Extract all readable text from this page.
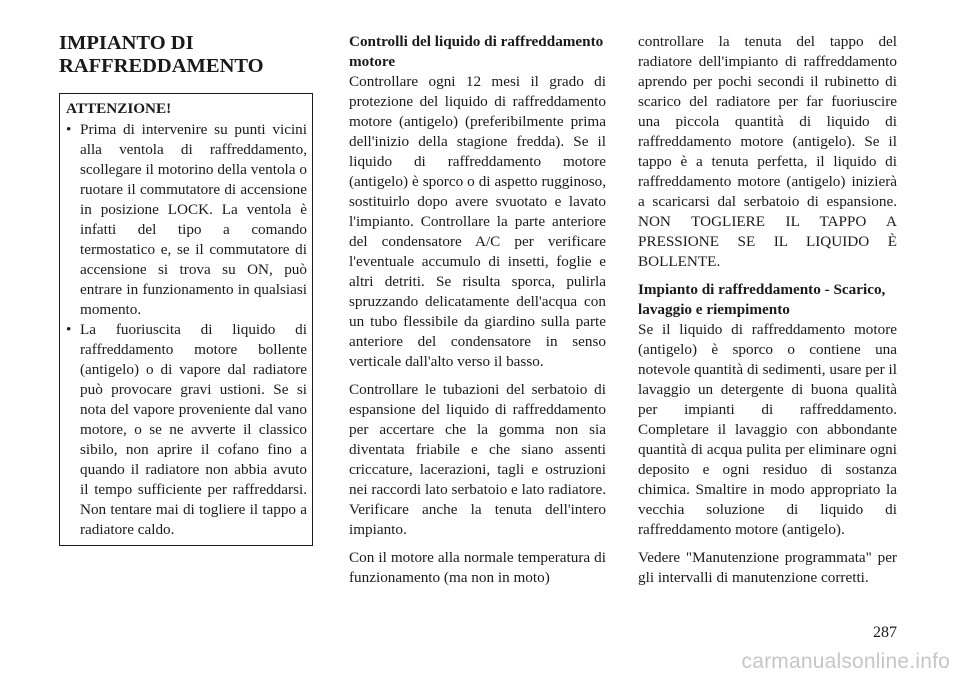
IMPIANTO DI RAFFREDDAMENTO
ATTENZIONE!
• Prima di intervenire su punti vicini alla ventola di raffreddamento, scollegare il motorino della ventola o ruotare il commutatore di accensione in posizione LOCK. La ventola è infatti del tipo a comando termostatico e, se il commutatore di accensione si trova su ON, può entrare in funzionamento in qualsiasi momento.
• La fuoriuscita di liquido di raffreddamento motore bollente (antigelo) o di vapore dal radiatore può provocare gravi ustioni. Se si nota del vapore proveniente dal vano motore, o se ne avverte il classico sibilo, non aprire il cofano fino a quando il radiatore non abbia avuto il tempo sufficiente per raffreddarsi. Non tentare mai di togliere il tappo a radiatore caldo.
Controlli del liquido di raffreddamento motore

Controllare ogni 12 mesi il grado di protezione del liquido di raffreddamento motore (antigelo) (preferibilmente prima dell'inizio della stagione fredda). Se il liquido di raffreddamento motore (antigelo) è sporco o di aspetto rugginoso, sostituirlo dopo avere svuotato e lavato l'impianto. Controllare la parte anteriore del condensatore A/C per verificare l'eventuale accumulo di insetti, foglie e altri detriti. Se risulta sporca, pulirla spruzzando delicatamente dell'acqua con un tubo flessibile da giardino sulla parte anteriore del condensatore in senso verticale dall'alto verso il basso.

Controllare le tubazioni del serbatoio di espansione del liquido di raffreddamento per accertare che la gomma non sia diventata friabile e che siano assenti criccature, lacerazioni, tagli e ostruzioni nei raccordi lato serbatoio e lato radiatore. Verificare anche la tenuta dell'intero impianto.

Con il motore alla normale temperatura di funzionamento (ma non in moto)

controllare la tenuta del tappo del radiatore dell'impianto di raffreddamento aprendo per pochi secondi il rubinetto di scarico del radiatore per far fuoriuscire una piccola quantità di liquido di raffreddamento motore (antigelo). Se il tappo è a tenuta perfetta, il liquido di raffreddamento motore (antigelo) inizierà a scaricarsi dal serbatoio di espansione. NON TOGLIERE IL TAPPO A PRESSIONE SE IL LIQUIDO È BOLLENTE.

Impianto di raffreddamento - Scarico, lavaggio e riempimento

Se il liquido di raffreddamento motore (antigelo) è sporco o contiene una notevole quantità di sedimenti, usare per il lavaggio un detergente di buona qualità per impianti di raffreddamento. Completare il lavaggio con abbondante quantità di acqua pulita per eliminare ogni deposito e ogni residuo di sostanza chimica. Smaltire in modo appropriato la vecchia soluzione di liquido di raffreddamento motore (antigelo).

Vedere "Manutenzione programmata" per gli intervalli di manutenzione corretti.

287
carmanualsonline.info
